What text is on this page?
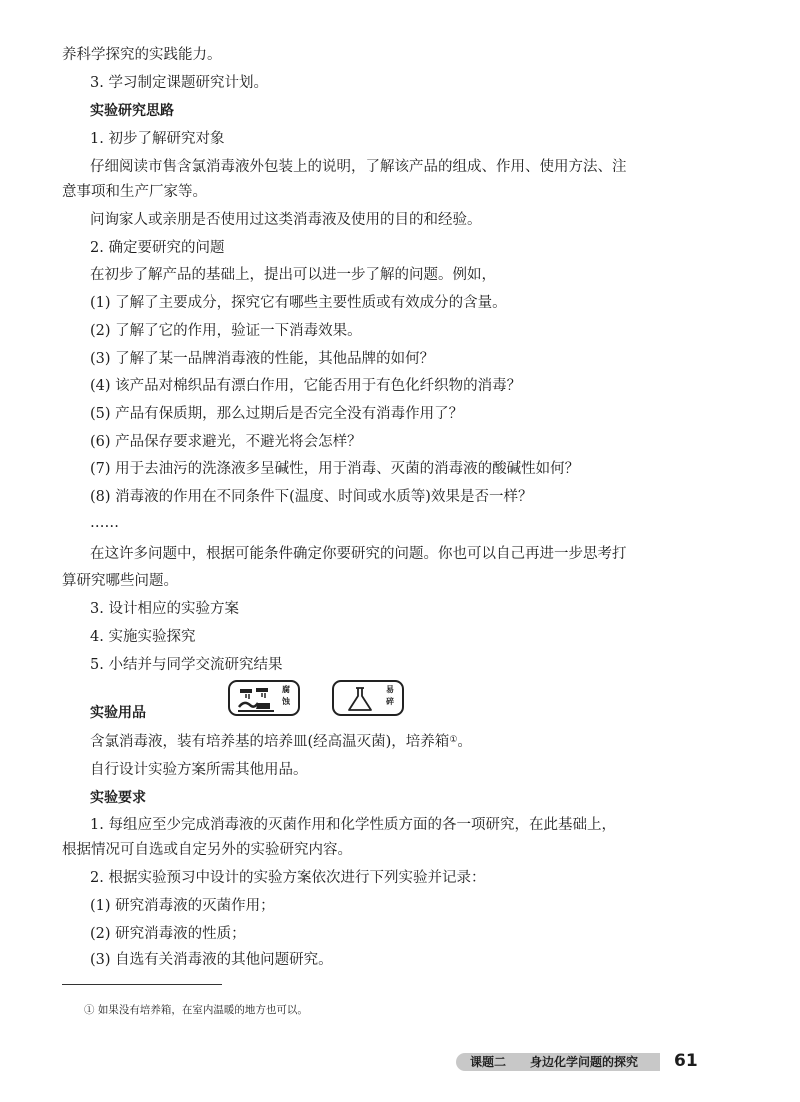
养科学探究的实践能力。
3. 学习制定课题研究计划。
实验研究思路
1. 初步了解研究对象
仔细阅读市售含氯消毒液外包装上的说明，了解该产品的组成、作用、使用方法、注
意事项和生产厂家等。
问询家人或亲朋是否使用过这类消毒液及使用的目的和经验。
2. 确定要研究的问题
在初步了解产品的基础上，提出可以进一步了解的问题。例如，
(1) 了解了主要成分，探究它有哪些主要性质或有效成分的含量。
(2) 了解了它的作用，验证一下消毒效果。
(3) 了解了某一品牌消毒液的性能，其他品牌的如何？
(4) 该产品对棉织品有漂白作用，它能否用于有色化纤织物的消毒？
(5) 产品有保质期，那么过期后是否完全没有消毒作用了？
(6) 产品保存要求避光，不避光将会怎样？
(7) 用于去油污的洗涤液多呈碱性，用于消毒、灭菌的消毒液的酸碱性如何？
(8) 消毒液的作用在不同条件下(温度、时间或水质等)效果是否一样？
……
在这许多问题中，根据可能条件确定你要研究的问题。你也可以自己再进一步思考打
算研究哪些问题。
3. 设计相应的实验方案
4. 实施实验探究
5. 小结并与同学交流研究结果
实验用品
腐蚀
易碎
含氯消毒液，装有培养基的培养皿(经高温灭菌)，培养箱①。
自行设计实验方案所需其他用品。
实验要求
1. 每组应至少完成消毒液的灭菌作用和化学性质方面的各一项研究，在此基础上，
根据情况可自选或自定另外的实验研究内容。
2. 根据实验预习中设计的实验方案依次进行下列实验并记录：
(1) 研究消毒液的灭菌作用；
(2) 研究消毒液的性质；
(3) 自选有关消毒液的其他问题研究。
① 如果没有培养箱，在室内温暖的地方也可以。
课题二 身边化学问题的探究 61
